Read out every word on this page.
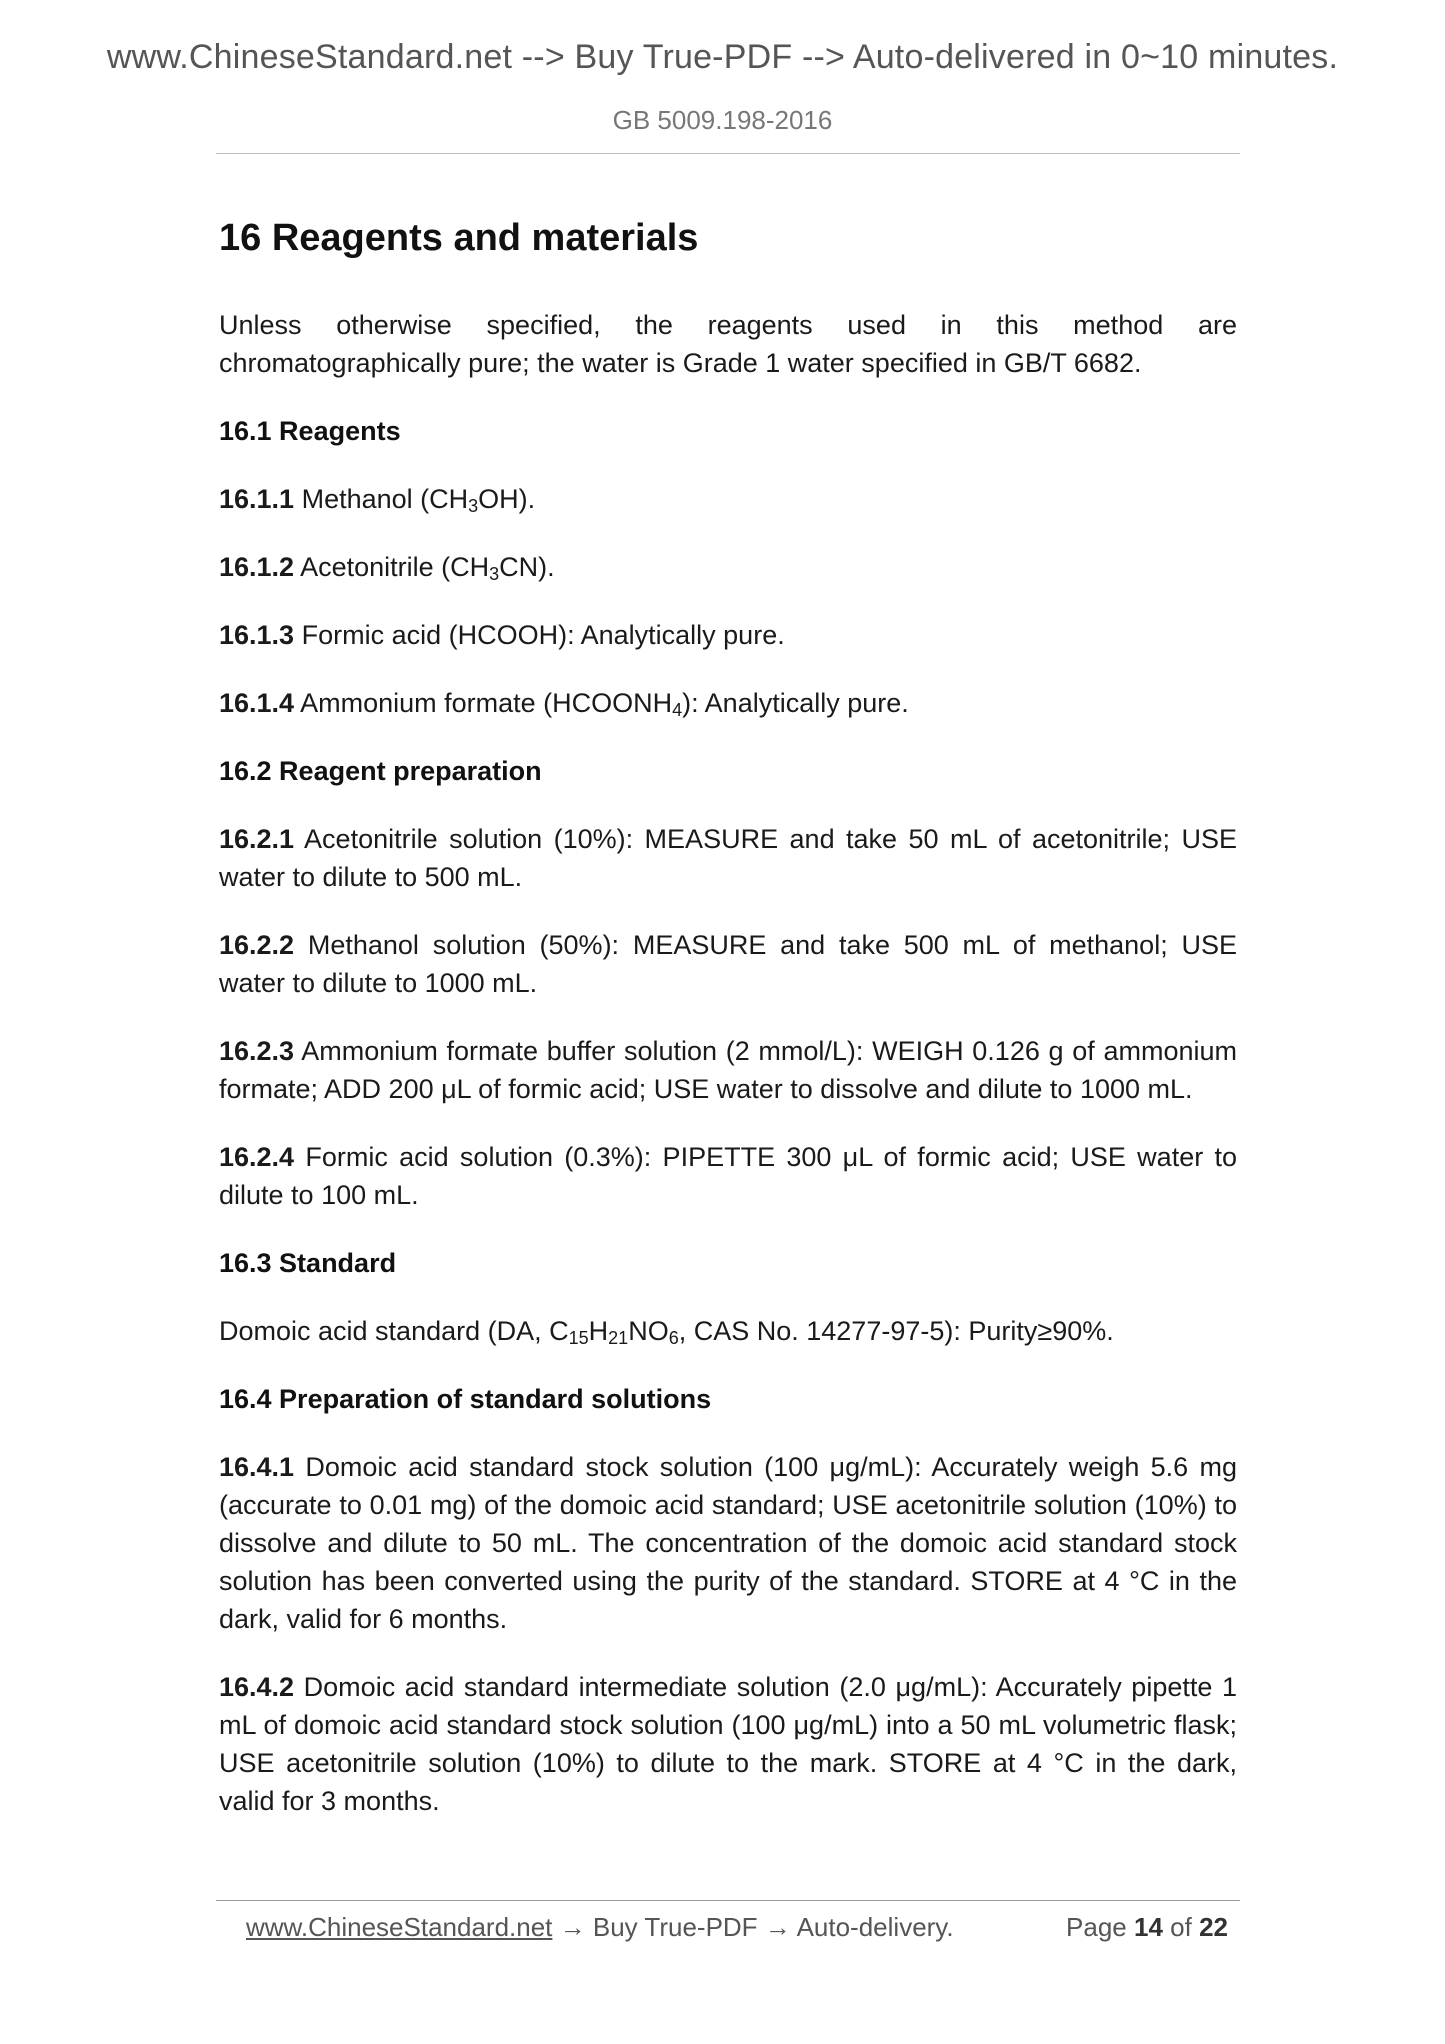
www.ChineseStandard.net --> Buy True-PDF --> Auto-delivered in 0~10 minutes.
GB 5009.198-2016
16 Reagents and materials

Unless otherwise specified, the reagents used in this method are chromatographically pure; the water is Grade 1 water specified in GB/T 6682.

16.1 Reagents

16.1.1 Methanol $(CH_3OH)$.

16.1.2 Acetonitrile $(CH_3CN)$.

16.1.3 Formic acid (HCOOH): Analytically pure.

16.1.4 Ammonium formate $(HCOONH_4)$: Analytically pure.

16.2 Reagent preparation

16.2.1 Acetonitrile solution (10%): MEASURE and take 50 mL of acetonitrile; USE water to dilute to 500 mL.

16.2.2 Methanol solution (50%): MEASURE and take 500 mL of methanol; USE water to dilute to 1000 mL.

16.2.3 Ammonium formate buffer solution (2 mmol/L): WEIGH 0.126 g of ammonium formate; ADD 200 μL of formic acid; USE water to dissolve and dilute to 1000 mL.

16.2.4 Formic acid solution (0.3%): PIPETTE 300 μL of formic acid; USE water to dilute to 100 mL.

16.3 Standard

Domoic acid standard (DA, $C_{15}H_{21}NO_6$, CAS No. 14277-97-5): Purity≥90%.

16.4 Preparation of standard solutions

16.4.1 Domoic acid standard stock solution (100 μg/mL): Accurately weigh 5.6 mg (accurate to 0.01 mg) of the domoic acid standard; USE acetonitrile solution (10%) to dissolve and dilute to 50 mL. The concentration of the domoic acid standard stock solution has been converted using the purity of the standard. STORE at 4 °C in the dark, valid for 6 months.

16.4.2 Domoic acid standard intermediate solution (2.0 μg/mL): Accurately pipette 1 mL of domoic acid standard stock solution (100 μg/mL) into a 50 mL volumetric flask; USE acetonitrile solution (10%) to dilute to the mark. STORE at 4 °C in the dark, valid for 3 months.

www.ChineseStandard.net → Buy True-PDF → Auto-delivery.	Page 14 of 22
